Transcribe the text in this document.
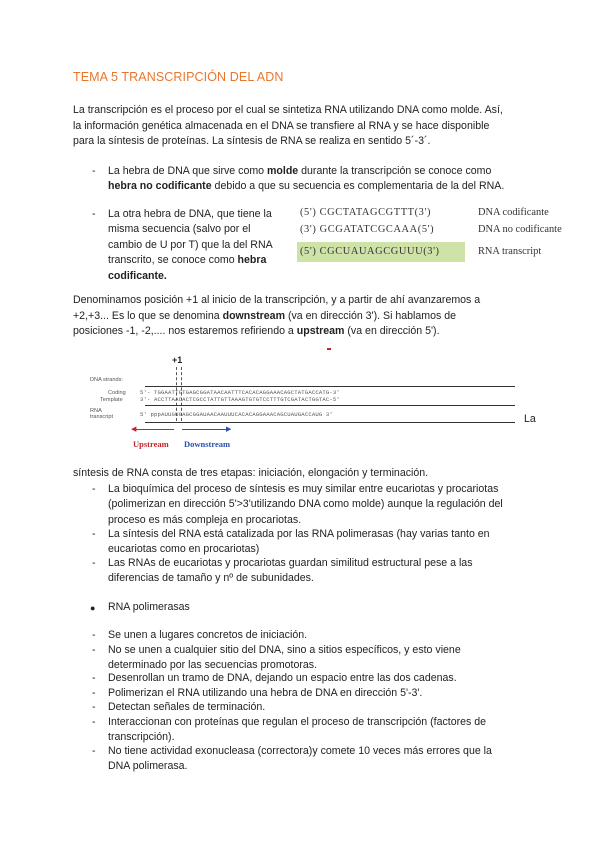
TEMA 5 TRANSCRIPCIÓN DEL ADN
La transcripción es el proceso por el cual se sintetiza RNA utilizando DNA como molde. Así,
la información genética almacenada en el DNA se transfiere al RNA y se hace disponible
para la síntesis de proteínas. La síntesis de RNA se realiza en sentido 5´-3´.
- La hebra de DNA que sirve como molde durante la transcripción se conoce como
hebra no codificante debido a que su secuencia es complementaria de la del RNA.
- La otra hebra de DNA, que tiene la
misma secuencia (salvo por el
cambio de U por T) que la del RNA
transcrito, se conoce como hebra
codificante.
(5') CGCTATAGCGTTT(3')	DNA codificante
(3') GCGATATCGCAAA(5')	DNA no codificante
(5') CGCUAUAGCGUUU(3')	RNA transcript
Denominamos posición +1 al inicio de la transcripción, y a partir de ahí avanzaremos a
+2,+3... Es lo que se denomina downstream (va en dirección 3'). Si hablamos de
posiciones -1, -2,.... nos estaremos refiriendo a upstream (va en dirección 5').
+1
DNA strands:
Coding
Template
RNA
transcript
5'- TGGAATTGTGAGCGGATAACAATTTCACACAGGAAACAGCTATGACCATG-3'
3'- ACCTTAACACTCGCCTATTGTTAAAGTGTGTCCTTTGTCGATACTGGTAC-5'
5' pppAUUGUGAGCGGAUAACAAUUUCACACAGGAAACAGCUAUGACCAUG 3'
◀	▶
Upstream Downstream
La
síntesis de RNA consta de tres etapas: iniciación, elongación y terminación.
- La bioquímica del proceso de síntesis es muy similar entre eucariotas y procariotas
(polimerizan en dirección 5'>3'utilizando DNA como molde) aunque la regulación del
proceso es más compleja en procariotas.
- La síntesis del RNA está catalizada por las RNA polimerasas (hay varias tanto en
eucariotas como en procariotas)
- Las RNAs de eucariotas y procariotas guardan similitud estructural pese a las
diferencias de tamaño y nº de subunidades.
● RNA polimerasas
- Se unen a lugares concretos de iniciación.
- No se unen a cualquier sitio del DNA, sino a sitios específicos, y esto viene
determinado por las secuencias promotoras.
- Desenrollan un tramo de DNA, dejando un espacio entre las dos cadenas.
- Polimerizan el RNA utilizando una hebra de DNA en dirección 5'-3'.
- Detectan señales de terminación.
- Interaccionan con proteínas que regulan el proceso de transcripción (factores de
transcripción).
- No tiene actividad exonucleasa (correctora)y comete 10 veces más errores que la
DNA polimerasa.
